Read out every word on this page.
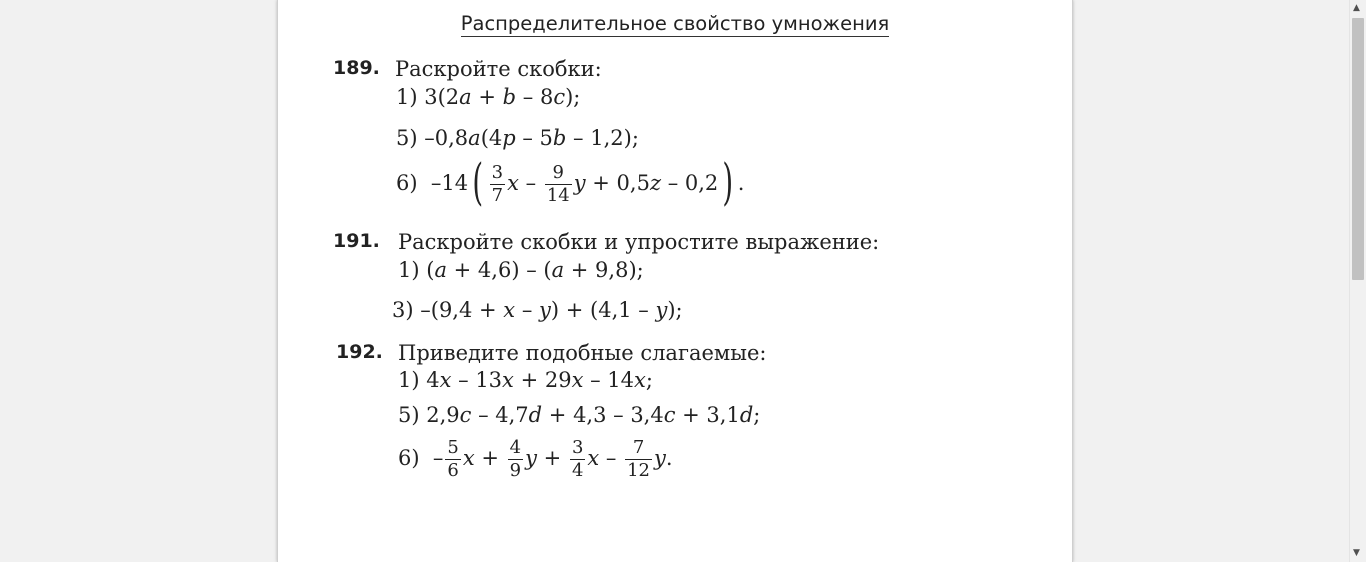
Распределительное свойство умножения
189. Раскройте скобки:
1) 3(2a + b – 8c);
5) –0,8a(4p – 5b – 1,2);
6) $-14( \frac{3}{7}$ x – $\frac{9}{14}$ y + 0,5z – 0,2) .
191. Раскройте скобки и упростите выражение:
1) (a + 4,6) – (a + 9,8);
3) –(9,4 + x – y) + (4,1 – y);
192. Приведите подобные слагаемые:
1) 4x – 13x + 29x – 14x;
5) 2,9c – 4,7d + 4,3 – 3,4c + 3,1d;
$6) - \frac{5}{6}$ $x + \frac{4}{9}$ $y + \frac{3}{4}$ x – $\frac{7}{12} y$.
▲
▼
